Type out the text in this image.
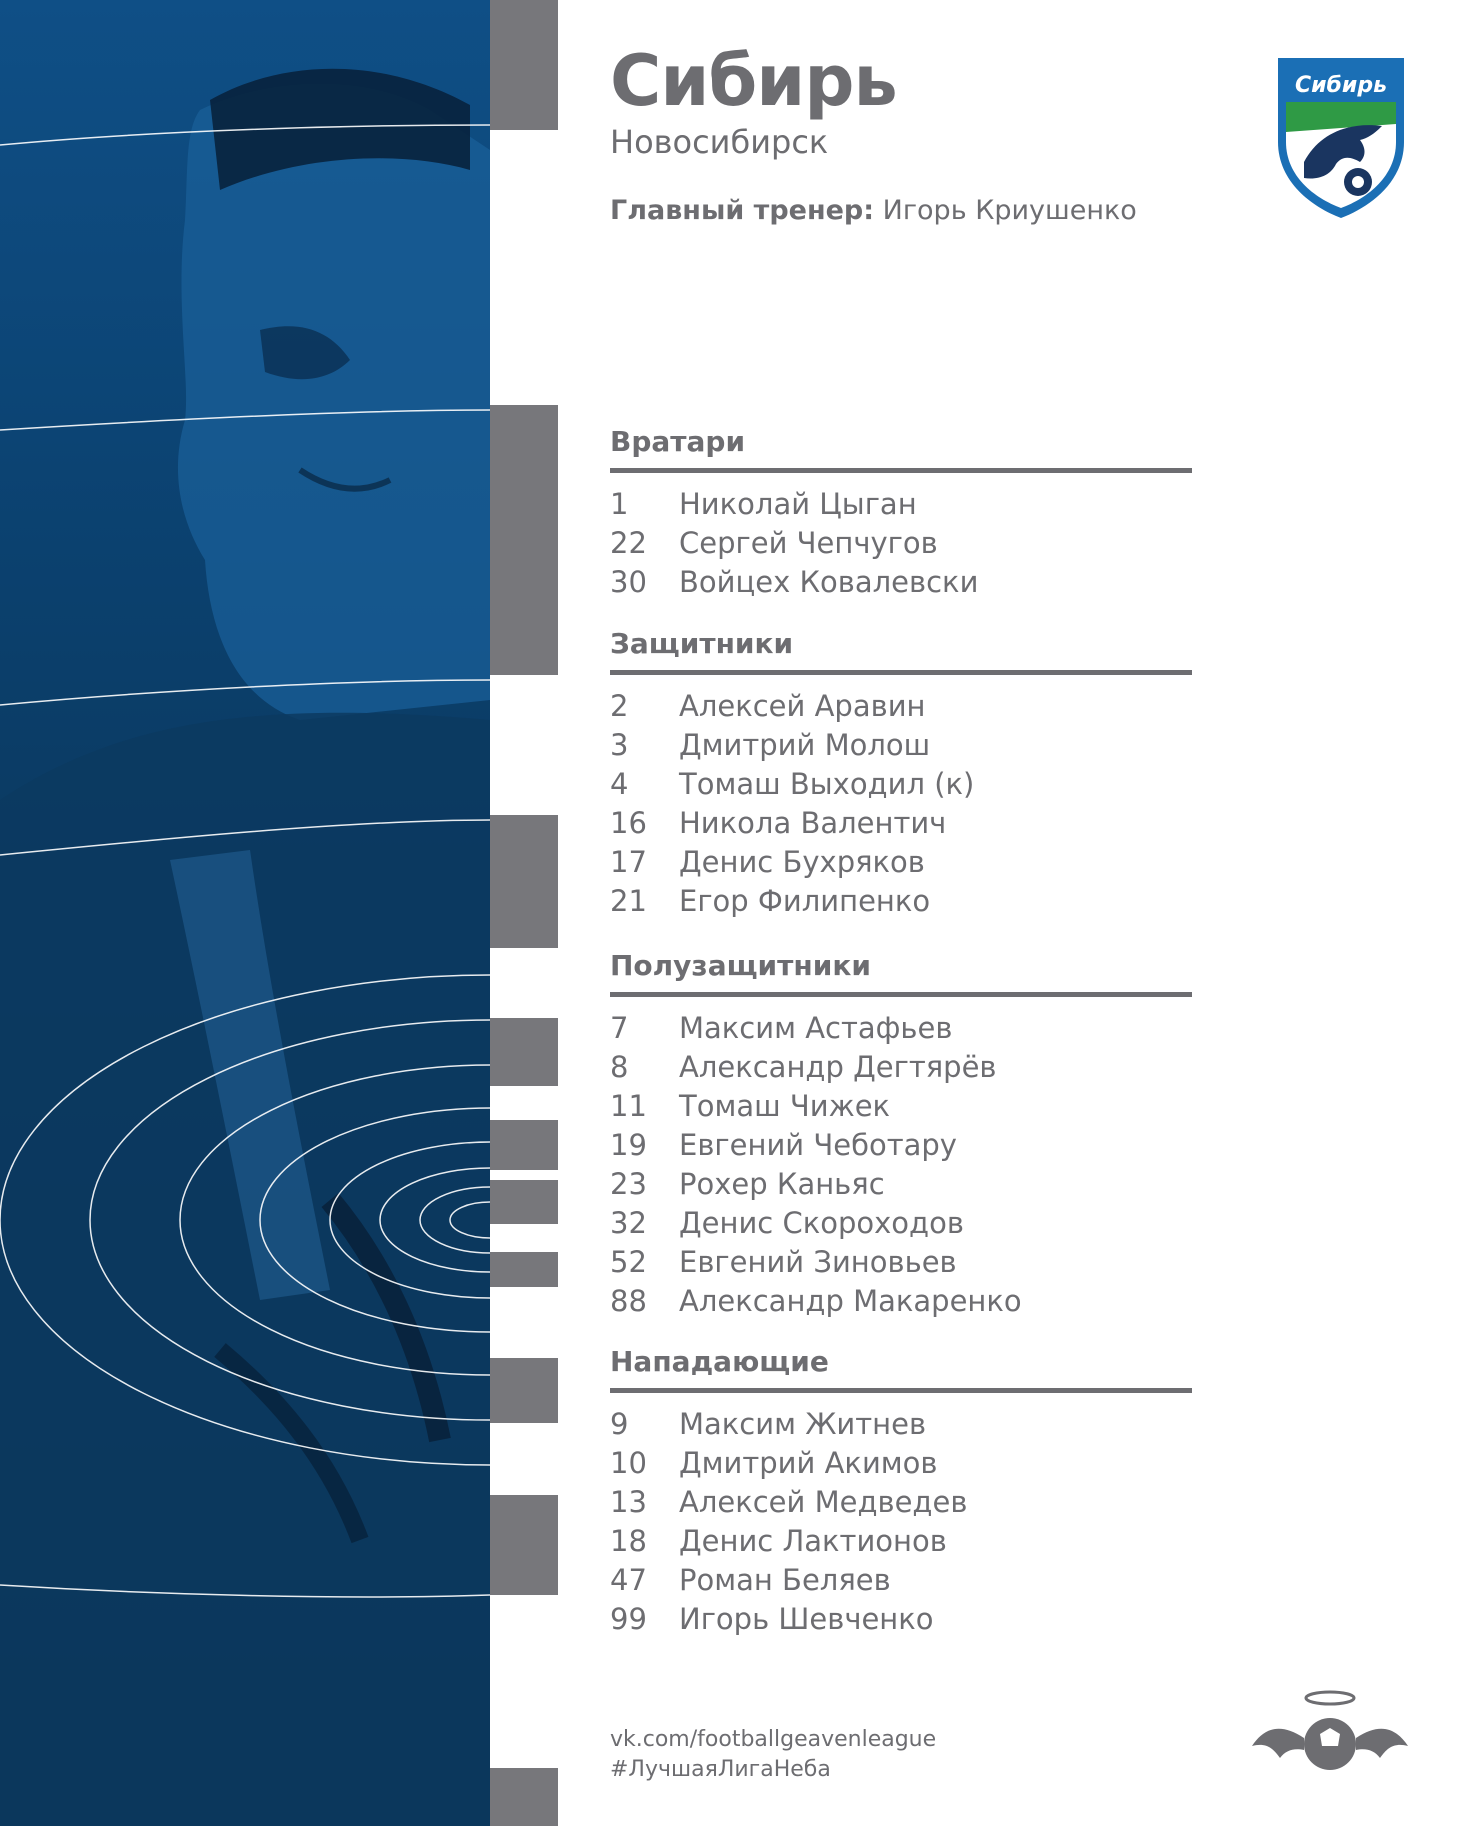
Сибирь
Новосибирск
Главный тренер: Игорь Криушенко
Сибирь
Вратари
1	Николай Цыган
22	Сергей Чепчугов
30	Войцех Ковалевски
Защитники
2	Алексей Аравин
3	Дмитрий Молош
4	Томаш Выходил (к)
16	Никола Валентич
17	Денис Бухряков
21	Егор Филипенко
Полузащитники
7	Максим Астафьев
8	Александр Дегтярёв
11	Томаш Чижек
19	Евгений Чеботару
23	Рохер Каньяс
32	Денис Скороходов
52	Евгений Зиновьев
88	Александр Макаренко
Нападающие
9	Максим Житнев
10	Дмитрий Акимов
13	Алексей Медведев
18	Денис Лактионов
47	Роман Беляев
99	Игорь Шевченко
vk.com/footballgeavenleague
#ЛучшаяЛигаНеба
